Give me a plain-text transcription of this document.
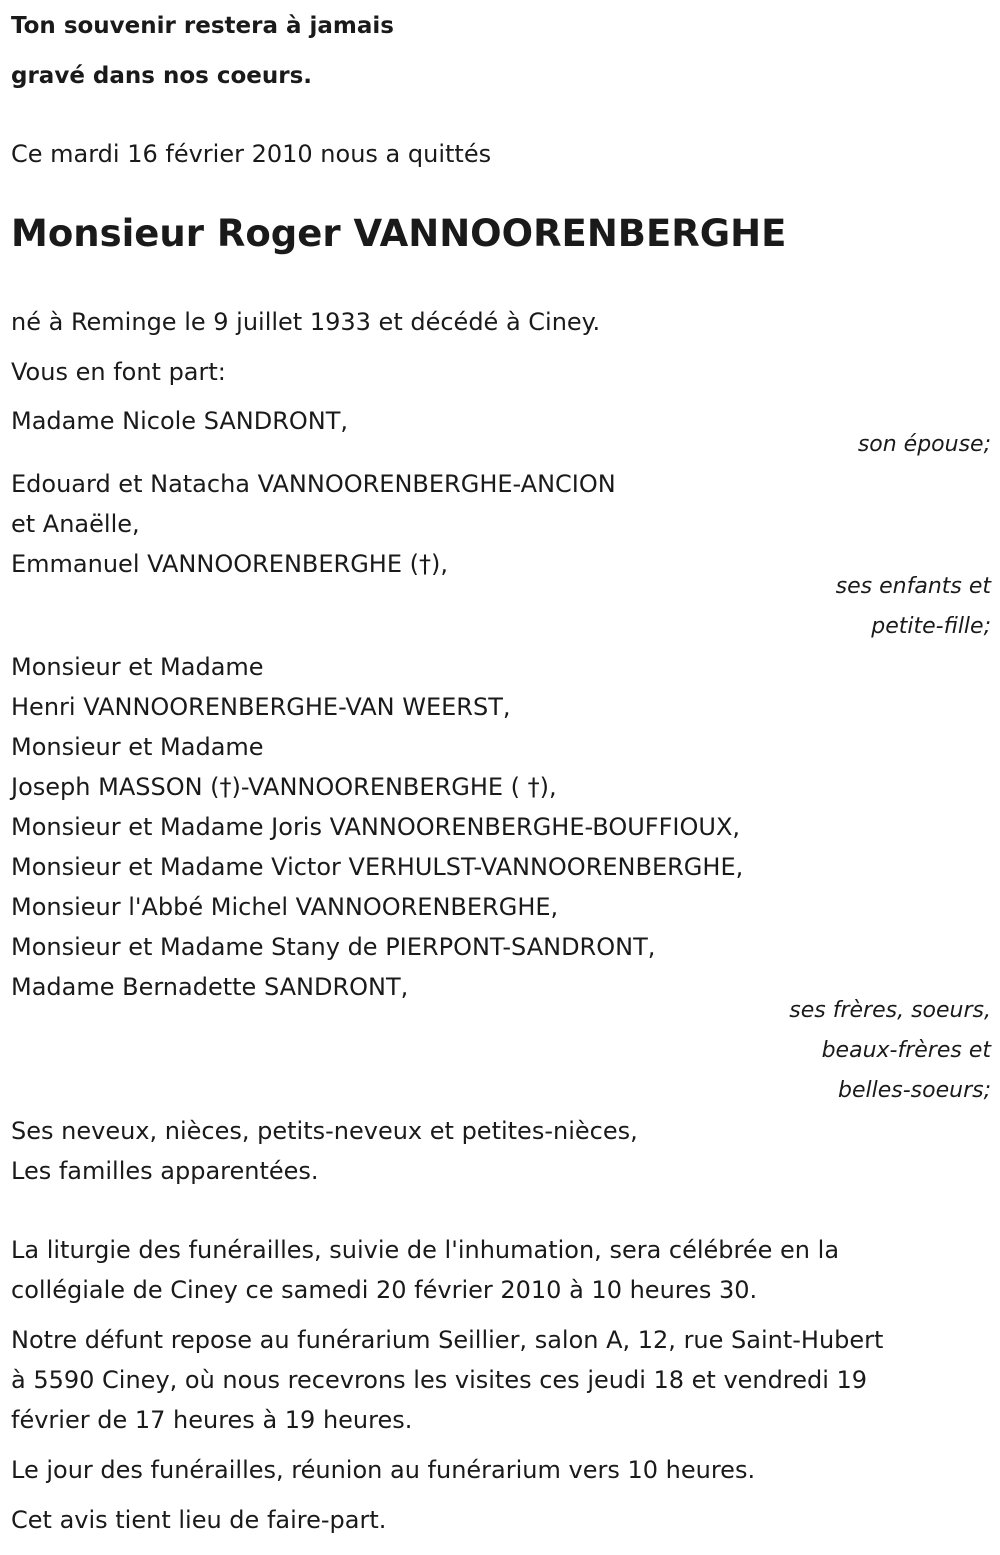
Ton souvenir restera à jamais
gravé dans nos coeurs.
Ce mardi 16 février 2010 nous a quittés
Monsieur Roger VANNOORENBERGHE
né à Reminge le 9 juillet 1933 et décédé à Ciney.
Vous en font part:
Madame Nicole SANDRONT,
son épouse;
Edouard et Natacha VANNOORENBERGHE-ANCION
et Anaëlle,
Emmanuel VANNOORENBERGHE (†),
ses enfants et
petite-fille;
Monsieur et Madame
Henri VANNOORENBERGHE-VAN WEERST,
Monsieur et Madame
Joseph MASSON (†)-VANNOORENBERGHE ( †),
Monsieur et Madame Joris VANNOORENBERGHE-BOUFFIOUX,
Monsieur et Madame Victor VERHULST-VANNOORENBERGHE,
Monsieur l'Abbé Michel VANNOORENBERGHE,
Monsieur et Madame Stany de PIERPONT-SANDRONT,
Madame Bernadette SANDRONT,
ses frères, soeurs,
beaux-frères et
belles-soeurs;
Ses neveux, nièces, petits-neveux et petites-nièces,
Les familles apparentées.
La liturgie des funérailles, suivie de l'inhumation, sera célébrée en la
collégiale de Ciney ce samedi 20 février 2010 à 10 heures 30.
Notre défunt repose au funérarium Seillier, salon A, 12, rue Saint-Hubert
à 5590 Ciney, où nous recevrons les visites ces jeudi 18 et vendredi 19
février de 17 heures à 19 heures.
Le jour des funérailles, réunion au funérarium vers 10 heures.
Cet avis tient lieu de faire-part.
